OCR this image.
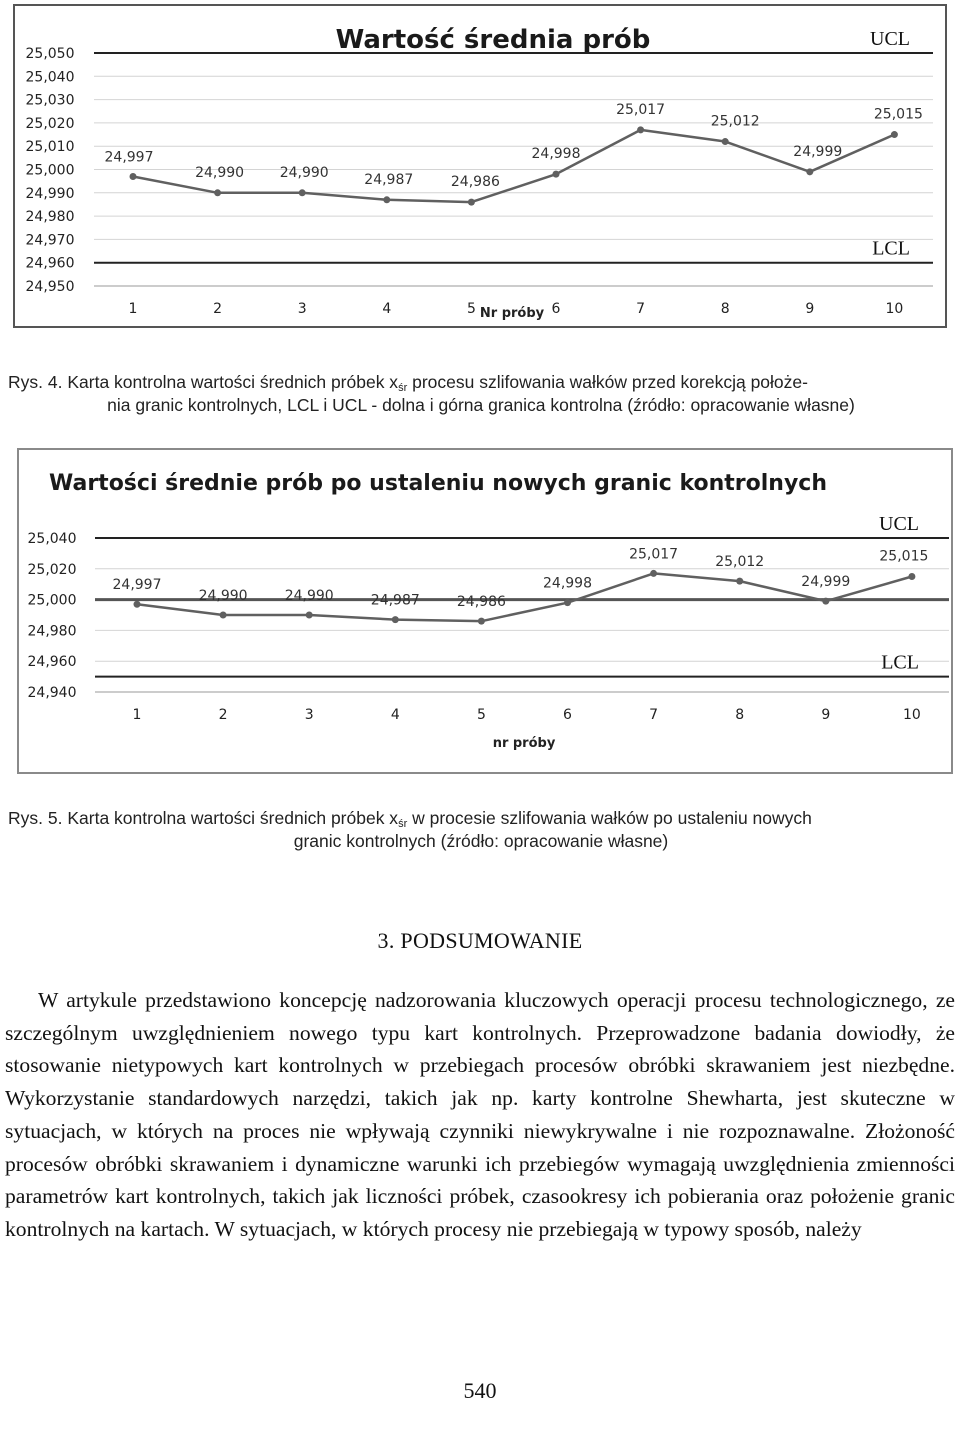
Wartość średnia prób
25,050
25,040
25,030
25,020
25,010
25,000
24,990
24,980
24,970
24,960
24,950
UCL
LCL
1	2	3	4	5	6	7	8	9	10
Nr próby
24,997
24,990	24,990	24,987	24,986
24,998
25,017
25,012
24,999
25,015
Rys. 4. Karta kontrolna wartości średnich próbek $x_{śr}$ procesu szlifowania wałków przed korekcją położe-
nia granic kontrolnych, LCL i UCL - dolna i górna granica kontrolna (źródło: opracowanie własne)
Wartości średnie prób po ustaleniu nowych granic kontrolnych
25,040
25,020
25,000
24,980
24,960
24,940
UCL
LCL
1	2	3	4	5	6	7	8	9	10
nr próby
24,997
24,990	24,990	24,987	24,986
24,998
25,017	25,012
24,999
25,015
Rys. 5. Karta kontrolna wartości średnich próbek $x_{śr}$ w procesie szlifowania wałków po ustaleniu nowych
granic kontrolnych (źródło: opracowanie własne)
3. PODSUMOWANIE

W artykule przedstawiono koncepcję nadzorowania kluczowych operacji procesu technologicznego, ze szczególnym uwzględnieniem nowego typu kart kontrolnych. Przeprowadzone badania dowiodły, że stosowanie nietypowych kart kontrolnych w przebiegach procesów obróbki skrawaniem jest niezbędne. Wykorzystanie standardowych narzędzi, takich jak np. karty kontrolne Shewharta, jest skuteczne w sytuacjach, w których na proces nie wpływają czynniki niewykrywalne i nie rozpoznawalne. Złożoność procesów obróbki skrawaniem i dynamiczne warunki ich przebiegów wymagają uwzględnienia zmienności parametrów kart kontrolnych, takich jak liczności próbek, czasookresy ich pobierania oraz położenie granic kontrolnych na kartach. W sytuacjach, w których procesy nie przebiegają w typowy sposób, należy

540
